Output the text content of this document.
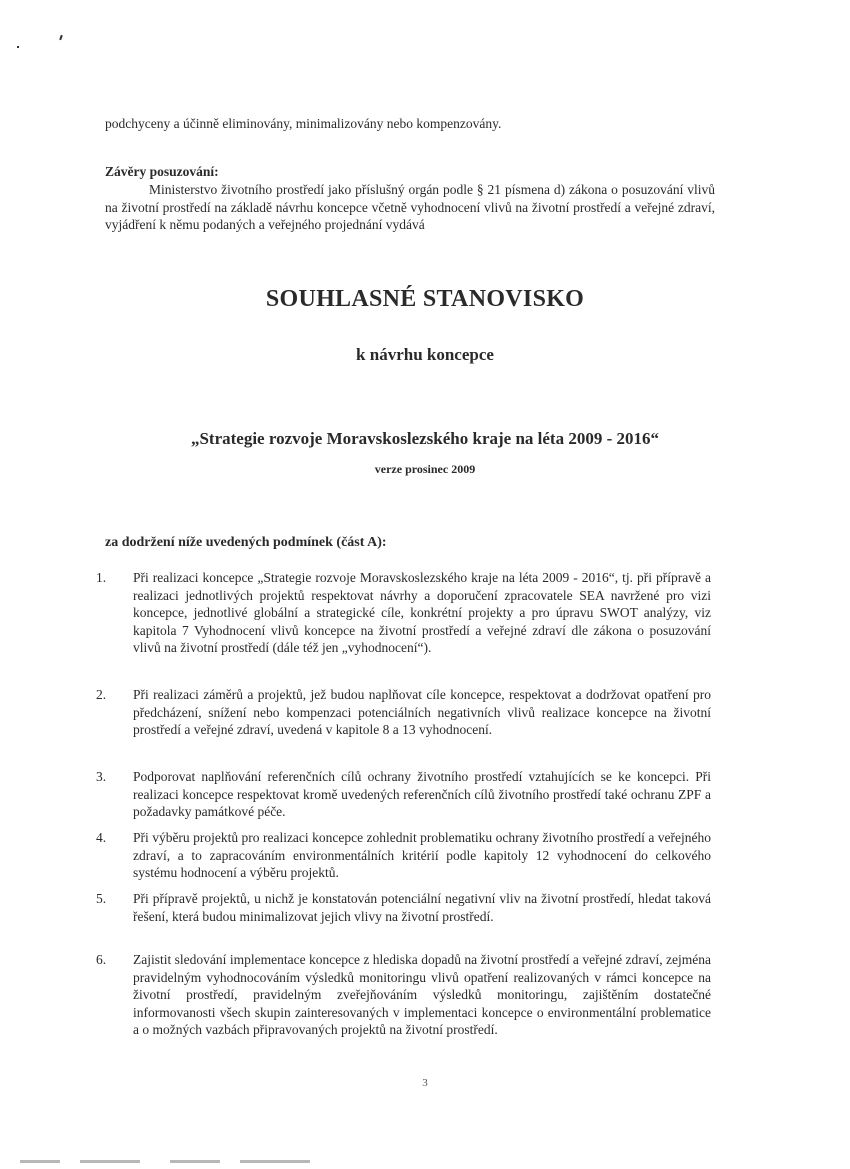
podchyceny a účinně eliminovány, minimalizovány nebo kompenzovány.
Závěry posuzování:
Ministerstvo životního prostředí jako příslušný orgán podle § 21 písmena d) zákona o posuzování vlivů na životní prostředí na základě návrhu koncepce včetně vyhodnocení vlivů na životní prostředí a veřejné zdraví, vyjádření k němu podaných a veřejného projednání vydává
SOUHLASNÉ STANOVISKO
k návrhu koncepce
„Strategie rozvoje Moravskoslezského kraje na léta 2009 - 2016“
verze prosinec 2009
za dodržení níže uvedených podmínek (část A):
1. Při realizaci koncepce „Strategie rozvoje Moravskoslezského kraje na léta 2009 - 2016“, tj. při přípravě a realizaci jednotlivých projektů respektovat návrhy a doporučení zpracovatele SEA navržené pro vizi koncepce, jednotlivé globální a strategické cíle, konkrétní projekty a pro úpravu SWOT analýzy, viz kapitola 7 Vyhodnocení vlivů koncepce na životní prostředí a veřejné zdraví dle zákona o posuzování vlivů na životní prostředí (dále též jen „vyhodnocení“).
2. Při realizaci záměrů a projektů, jež budou naplňovat cíle koncepce, respektovat a dodržovat opatření pro předcházení, snížení nebo kompenzaci potenciálních negativních vlivů realizace koncepce na životní prostředí a veřejné zdraví, uvedená v kapitole 8 a 13 vyhodnocení.
3. Podporovat naplňování referenčních cílů ochrany životního prostředí vztahujících se ke koncepci. Při realizaci koncepce respektovat kromě uvedených referenčních cílů životního prostředí také ochranu ZPF a požadavky památkové péče.
4. Při výběru projektů pro realizaci koncepce zohlednit problematiku ochrany životního prostředí a veřejného zdraví, a to zapracováním environmentálních kritérií podle kapitoly 12 vyhodnocení do celkového systému hodnocení a výběru projektů.
5. Při přípravě projektů, u nichž je konstatován potenciální negativní vliv na životní prostředí, hledat taková řešení, která budou minimalizovat jejich vlivy na životní prostředí.
6. Zajistit sledování implementace koncepce z hlediska dopadů na životní prostředí a veřejné zdraví, zejména pravidelným vyhodnocováním výsledků monitoringu vlivů opatření realizovaných v rámci koncepce na životní prostředí, pravidelným zveřejňováním výsledků monitoringu, zajištěním dostatečné informovanosti všech skupin zainteresovaných v implementaci koncepce o environmentální problematice a o možných vazbách připravovaných projektů na životní prostředí.
3
